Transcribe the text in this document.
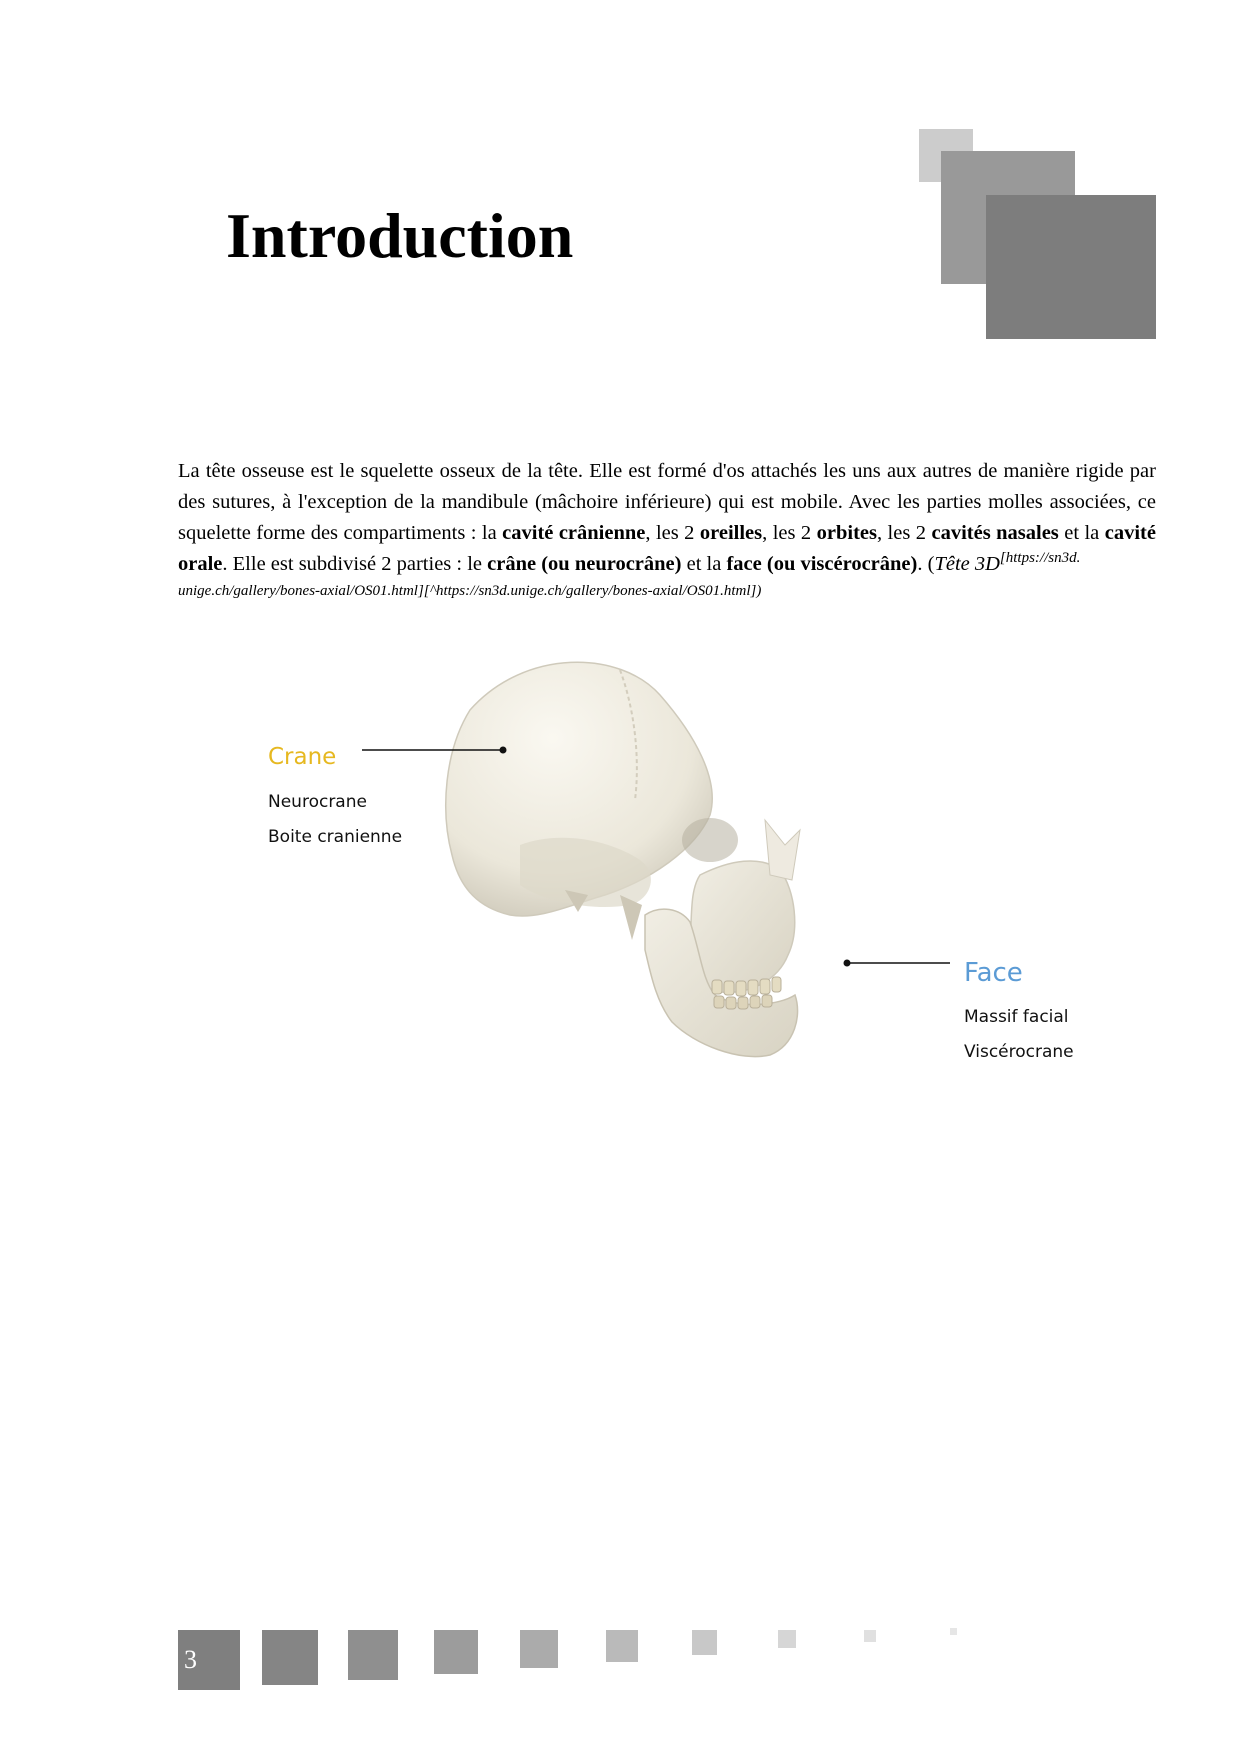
Introduction

La tête osseuse est le squelette osseux de la tête. Elle est formé d'os attachés les uns aux autres de manière rigide par des sutures, à l'exception de la mandibule (mâchoire inférieure) qui est mobile. Avec les parties molles associées, ce squelette forme des compartiments : la cavité crânienne, les 2 oreilles, les 2 orbites, les 2 cavités nasales et la cavité orale. Elle est subdivisé 2 parties : le crâne (ou neurocrâne) et la face (ou viscérocrâne). (Tête 3D$^{[https://sn3d.}$
unige.ch/gallery/bones-axial/OS01.html][^https://sn3d.unige.ch/gallery/bones-axial/OS01.html])

Crane
Neurocrane
Boite cranienne
Face
Massif facial
Viscérocrane
3
